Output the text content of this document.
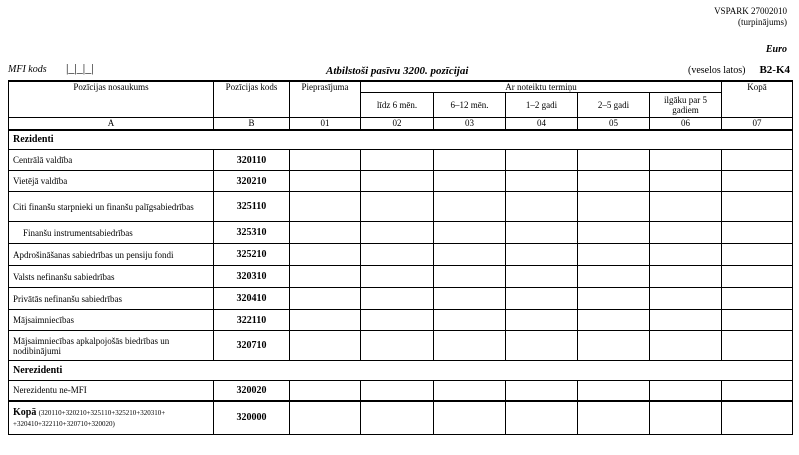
VSPARK 27002010
(turpinājums)
Euro
MFI kods |_|_|_|	Atbilstoši pasīvu 3200. pozīcijai	(veselos latos) B2-K4
Pozīcijas nosaukums	Pozīcijas kods	Pieprasījuma	Ar noteiktu termiņu					Kopā
			līdz 6 mēn.	6–12 mēn.	1–2 gadi	2–5 gadi	ilgāku par 5 gadiem	
A	B	01	02	03	04	05	06	07
Rezidenti								
Centrālā valdība	320110							
Vietējā valdība	320210							
Citi finanšu starpnieki un finanšu palīgsabiedrības	325110							
Finanšu instrumentsabiedrības	325310							
Apdrošināšanas sabiedrības un pensiju fondi	325210							
Valsts nefinanšu sabiedrības	320310							
Privātās nefinanšu sabiedrības	320410							
Mājsaimniecības	322110							
Mājsaimniecības apkalpojošās biedrības un nodibinājumi	320710							
Nerezidenti								
Nerezidentu ne-MFI	320020							
Kopā (320110+320210+325110+325210+320310+ +320410+322110+320710+320020)	320000							
